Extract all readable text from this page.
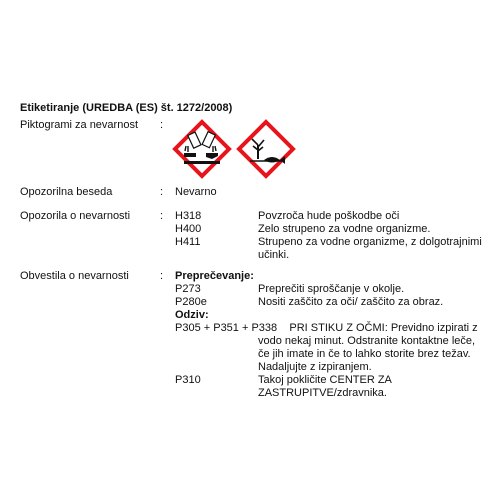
Etiketiranje (UREDBA (ES) št. 1272/2008)
Piktogrami za nevarnost :
Opozorilna beseda	: Nevarno
Opozorila o nevarnosti	: H318	Povzroča hude poškodbe oči
H400	Zelo strupeno za vodne organizme.
H411	Strupeno za vodne organizme, z dolgotrajnimi
učinki.
Obvestila o nevarnosti	: Preprečevanje:
P273	Preprečiti sproščanje v okolje.
P280e	Nositi zaščito za oči/ zaščito za obraz.
Odziv:
P305 + P351 + P338    PRI STIKU Z OČMI: Previdno izpirati z
vodo nekaj minut. Odstranite kontaktne leče,
če jih imate in če to lahko storite brez težav.
Nadaljujte z izpiranjem.
P310	Takoj pokličite CENTER ZA
ZASTRUPITVE/zdravnika.
